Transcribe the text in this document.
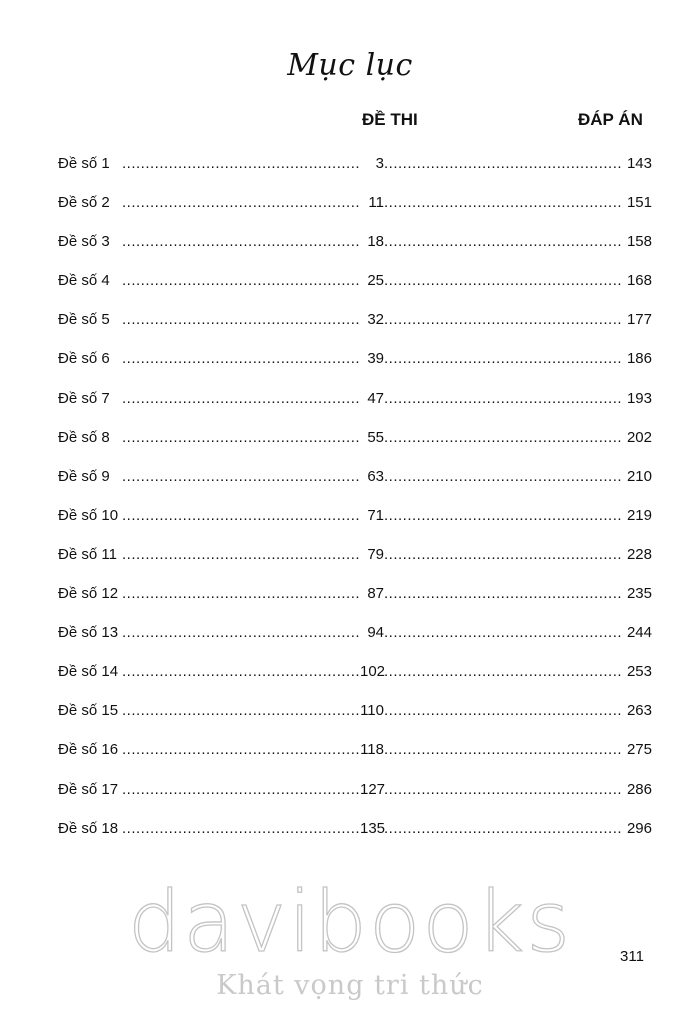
Mục lục
ĐỀ THI	ĐÁP ÁN
Đề số 1 .....	3 .....	143
Đề số 2 .....	11 .....	151
Đề số 3 .....	18 .....	158
Đề số 4 .....	25 .....	168
Đề số 5 .....	32 .....	177
Đề số 6 .....	39 .....	186
Đề số 7 .....	47 .....	193
Đề số 8 .....	55 .....	202
Đề số 9 .....	63 .....	210
Đề số 10 .....	71 .....	219
Đề số 11 .....	79 .....	228
Đề số 12 .....	87 .....	235
Đề số 13 .....	94 .....	244
Đề số 14 .....	102 .....	253
Đề số 15 .....	110 .....	263
Đề số 16 .....	118 .....	275
Đề số 17 .....	127 .....	286
Đề số 18 .....	135 .....	296
311
davibooks
Khát vọng tri thức
